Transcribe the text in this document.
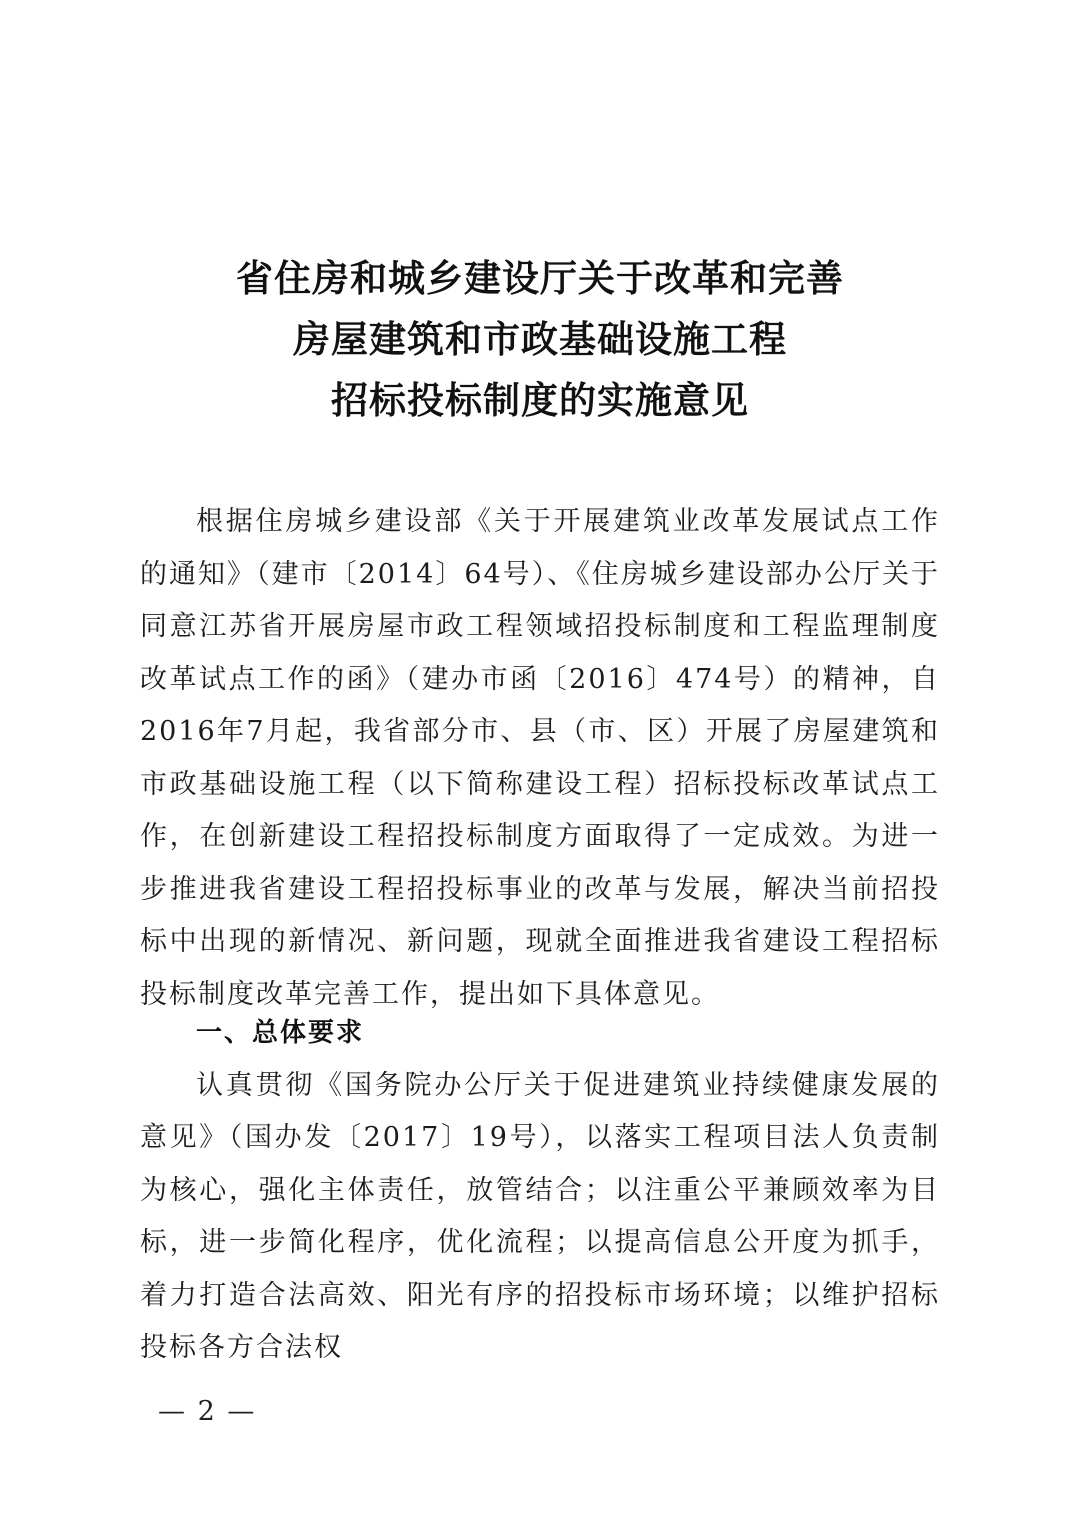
省住房和城乡建设厅关于改革和完善
房屋建筑和市政基础设施工程
招标投标制度的实施意见

根据住房城乡建设部《关于开展建筑业改革发展试点工作的通知》（建市〔2014〕64号）、《住房城乡建设部办公厅关于同意江苏省开展房屋市政工程领域招投标制度和工程监理制度改革试点工作的函》（建办市函〔2016〕474号）的精神，自2016年7月起，我省部分市、县（市、区）开展了房屋建筑和市政基础设施工程（以下简称建设工程）招标投标改革试点工作，在创新建设工程招投标制度方面取得了一定成效。为进一步推进我省建设工程招投标事业的改革与发展，解决当前招投标中出现的新情况、新问题，现就全面推进我省建设工程招标投标制度改革完善工作，提出如下具体意见。

一、总体要求

认真贯彻《国务院办公厅关于促进建筑业持续健康发展的意见》（国办发〔2017〕19号），以落实工程项目法人负责制为核心，强化主体责任，放管结合；以注重公平兼顾效率为目标，进一步简化程序，优化流程；以提高信息公开度为抓手，着力打造合法高效、阳光有序的招投标市场环境；以维护招标投标各方合法权

— 2 —
